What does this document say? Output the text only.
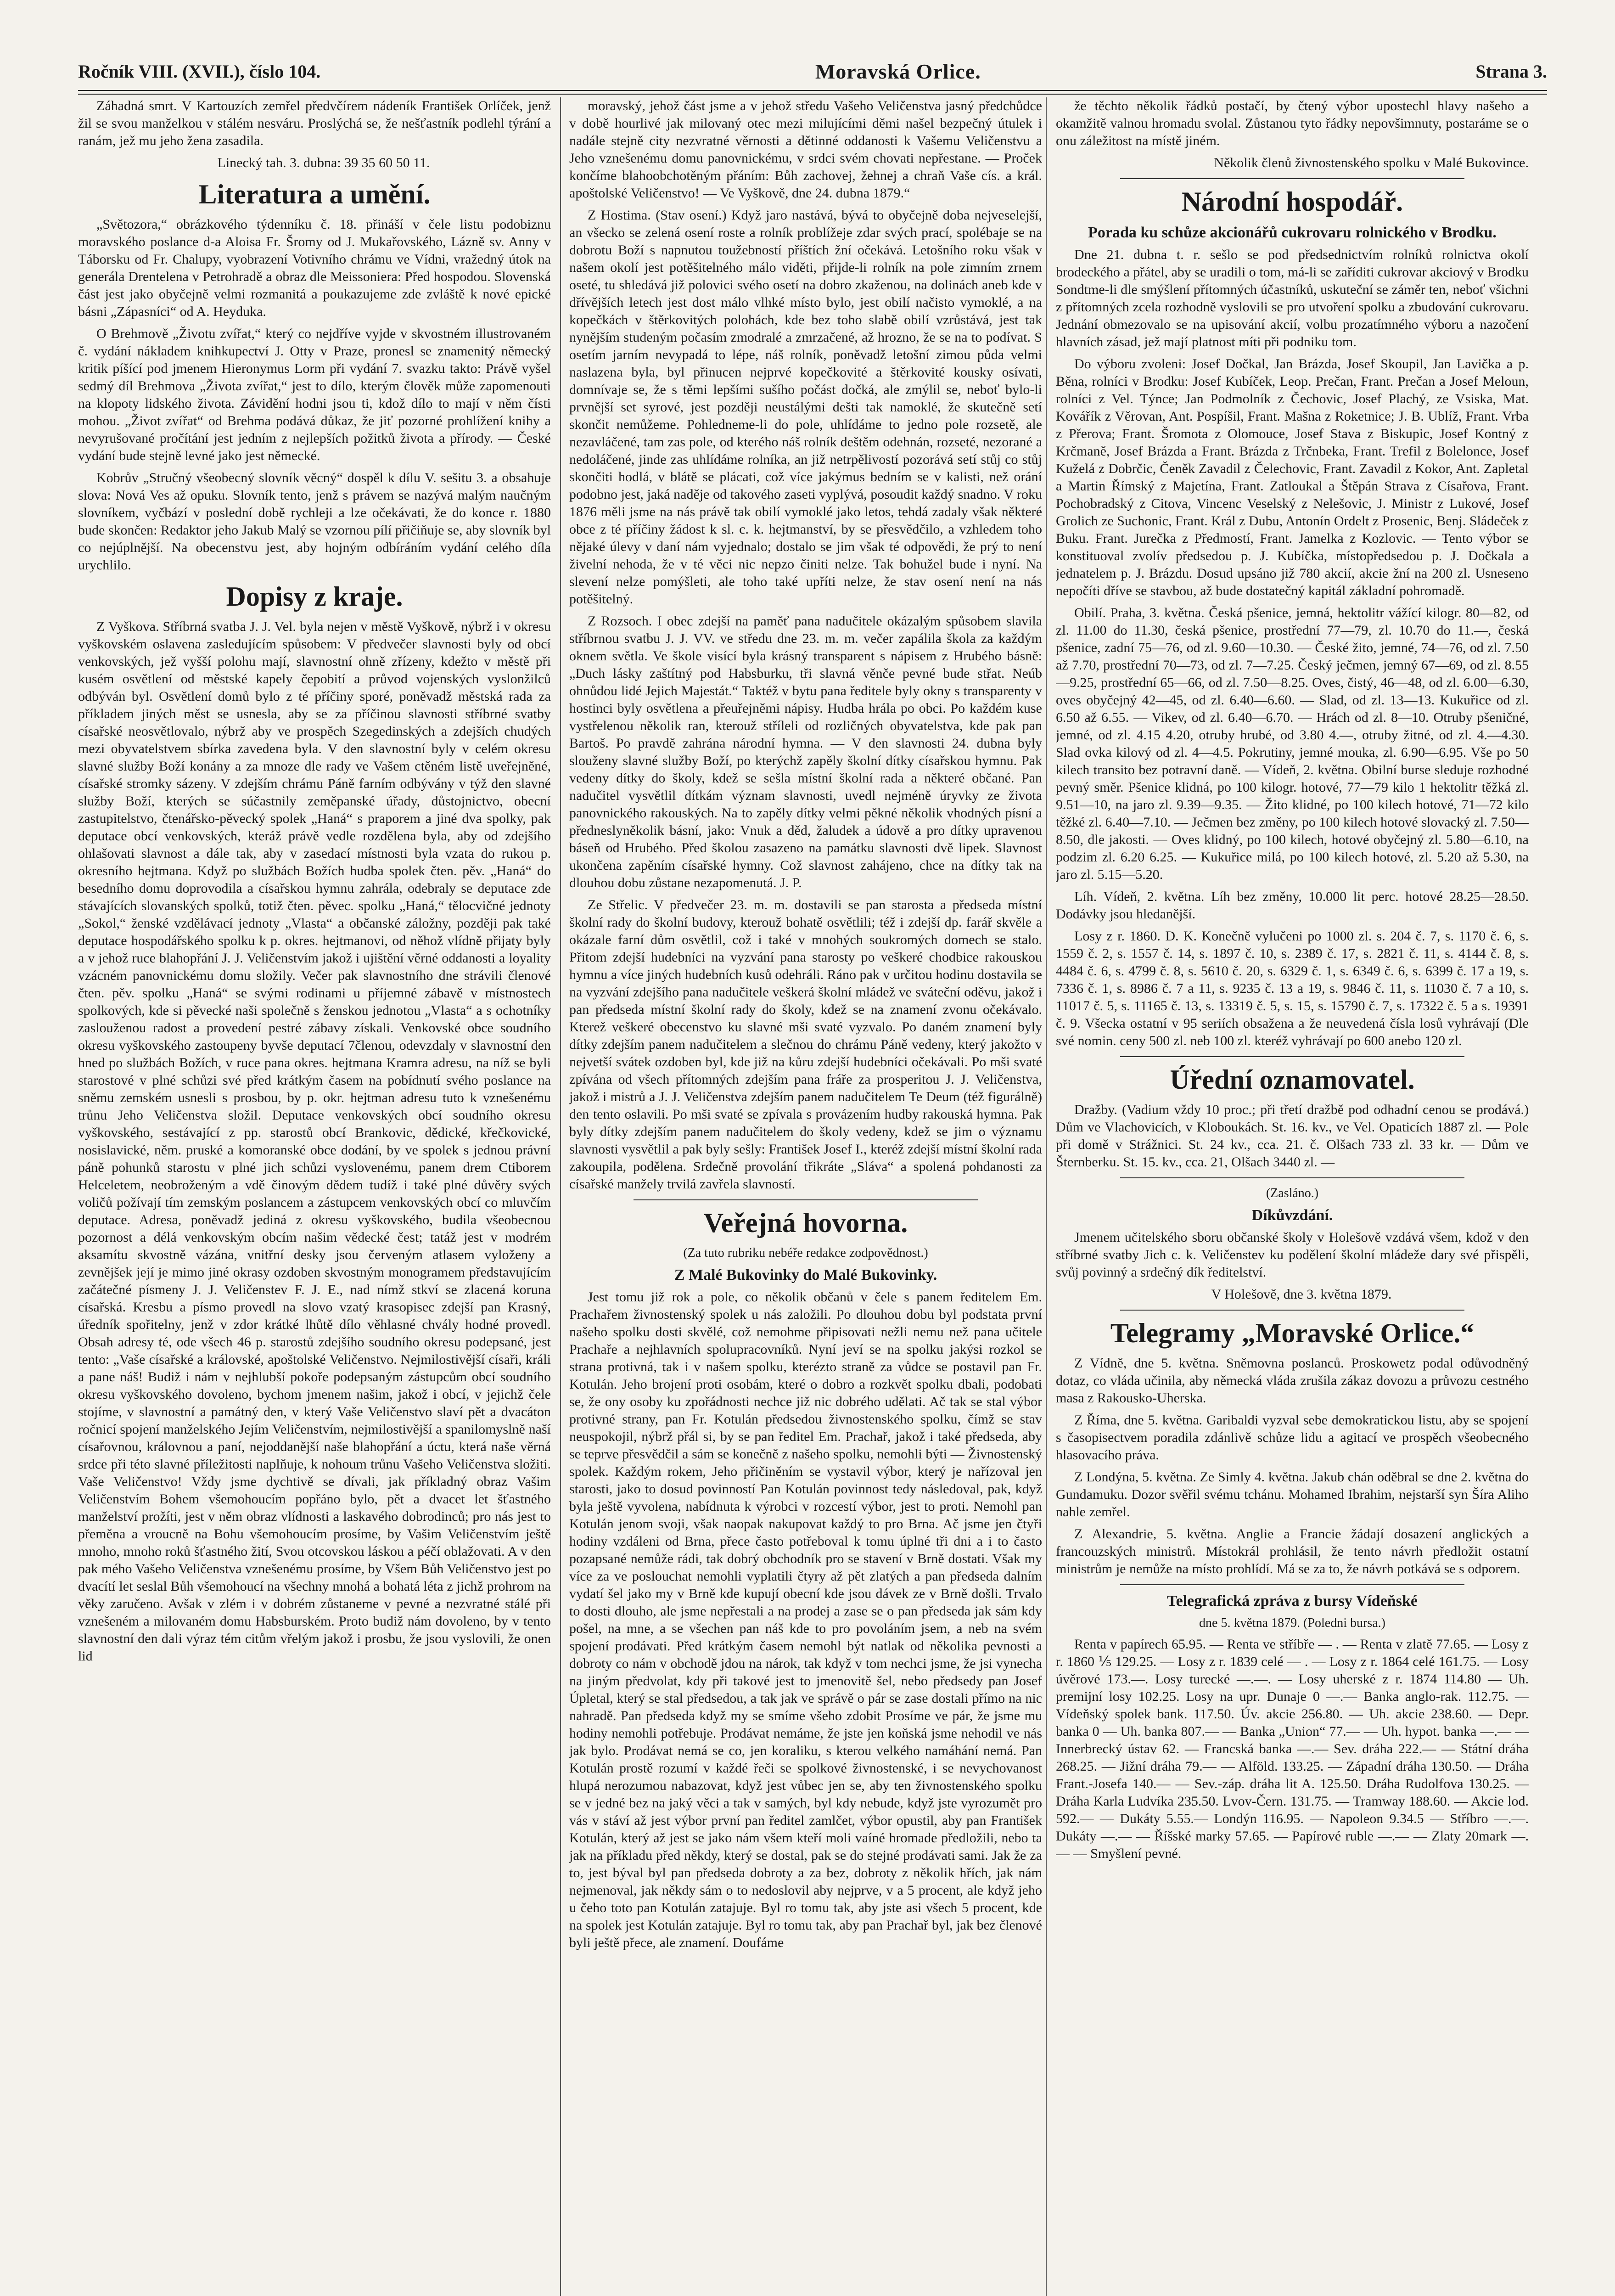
Ročník VIII. (XVII.), číslo 104.	Moravská Orlice.	Strana 3.

Záhadná smrt. V Kartouzích zemřel předvčírem nádeník František Orlíček, jenž žil se svou manželkou v stálém nesváru. Proslýchá se, že nešťastník podlehl týrání a ranám, jež mu jeho žena zasadila.

Linecký tah. 3. dubna: 39 35 60 50 11.

Literatura a umění.

„Světozora,“ obrázkového týdenníku č. 18. přináší v čele listu podobiznu moravského poslance d-a Aloisa Fr. Šromy od J. Mukařovského, Lázně sv. Anny v Táborsku od Fr. Chalupy, vyobrazení Votivního chrámu ve Vídni, vražedný útok na generála Drentelena v Petrohradě a obraz dle Meissoniera: Před hospodou. Slovenská část jest jako obyčejně velmi rozmanitá a poukazujeme zde zvláště k nové epické básni „Zápasníci“ od A. Heyduka.

O Brehmově „Životu zvířat,“ který co nejdříve vyjde v skvostném illustrovaném č. vydání nákladem knihkupectví J. Otty v Praze, pronesl se znamenitý německý kritik píšící pod jmenem Hieronymus Lorm při vydání 7. svazku takto: Právě vyšel sedmý díl Brehmova „Života zvířat,“ jest to dílo, kterým člověk může zapomenouti na klopoty lidského života. Závidění hodni jsou ti, kdož dílo to mají v něm čísti mohou. „Život zvířat“ od Brehma podává důkaz, že jiť pozorné prohlížení knihy a nevyrušované pročítání jest jedním z nejlepších požitků života a přírody. — České vydání bude stejně levné jako jest německé.

Kobrův „Stručný všeobecný slovník věcný“ dospěl k dílu V. sešitu 3. a obsahuje slova: Nová Ves až opuku. Slovník tento, jenž s právem se nazývá malým naučným slovníkem, vyčbází v poslední době rychleji a lze očekávati, že do konce r. 1880 bude skončen: Redaktor jeho Jakub Malý se vzornou pílí přičiňuje se, aby slovník byl co nejúplnější. Na obecenstvu jest, aby hojným odbíráním vydání celého díla urychlilo.

Dopisy z kraje.

Z Vyškova. Stříbrná svatba J. J. Vel. byla nejen v městě Vyškově, nýbrž i v okresu vyškovském oslavena zasledujícím spůsobem: V předvečer slavnosti byly od obcí venkovských, jež vyšší polohu mají, slavnostní ohně zřízeny, kdežto v městě při kusém osvětlení od městské kapely čepobití a průvod vojenských vyslonžilců odbýván byl. Osvětlení domů bylo z té příčiny sporé, poněvadž městská rada za příkladem jiných měst se usnesla, aby se za příčinou slavnosti stříbrné svatby císařské neosvětlovalo, nýbrž aby ve prospěch Szegedinských a zdejších chudých mezi obyvatelstvem sbírka zavedena byla. V den slavnostní byly v celém okresu slavné služby Boží konány a za mnoze dle rady ve Vašem ctěném listě uveřejněné, císařské stromky sázeny. V zdejším chrámu Páně farním odbývány v týž den slavné služby Boží, kterých se súčastnily zeměpanské úřady, důstojnictvo, obecní zastupitelstvo, čtenářsko-pěvecký spolek „Haná“ s praporem a jiné dva spolky, pak deputace obcí venkovských, kteráž právě vedle rozdělena byla, aby od zdejšího ohlašovati slavnost a dále tak, aby v zasedací místnosti byla vzata do rukou p. okresního hejtmana. Když po službách Božích hudba spolek čten. pěv. „Haná“ do besedního domu doprovodila a císařskou hymnu zahrála, odebraly se deputace zde stávajících slovanských spolků, totiž čten. pěvec. spolku „Haná,“ tělocvičné jednoty „Sokol,“ ženské vzdělávací jednoty „Vlasta“ a občanské záložny, později pak také deputace hospodářského spolku k p. okres. hejtmanovi, od něhož vlídně přijaty byly a v jehož ruce blahopřání J. J. Veličenstvím jakož i ujištění věrné oddanosti a loyality vzácném panovnickému domu složily. Večer pak slavnostního dne strávili členové čten. pěv. spolku „Haná“ se svými rodinami u příjemné zábavě v místnostech spolkových, kde si pěvecké naši společně s ženskou jednotou „Vlasta“ a s ochotníky zaslouženou radost a provedení pestré zábavy získali. Venkovské obce soudního okresu vyškovského zastoupeny byvše deputací 7členou, odevzdaly v slavnostní den hned po službách Božích, v ruce pana okres. hejtmana Kramra adresu, na níž se byli starostové v plné schůzi své před krátkým časem na pobídnutí svého poslance na sněmu zemském usnesli s prosbou, by p. okr. hejtman adresu tuto k vznešenému trůnu Jeho Veličenstva složil. Deputace venkovských obcí soudního okresu vyškovského, sestávající z pp. starostů obcí Brankovic, dědické, křečkovické, nosislavické, něm. pruské a komoranské obce dodání, by ve spolek s jednou právní páně pohunků starostu v plné jich schůzi vyslovenému, panem drem Ctiborem Helceletem, neobroženým a vdě činovým dědem tudíž i také plné důvěry svých voličů požívají tím zemským poslancem a zástupcem venkovských obcí co mluvčím deputace. Adresa, poněvadž jediná z okresu vyškovského, budila všeobecnou pozornost a délá venkovským obcím našim vědecké čest; tatáž jest v modrém aksamítu skvostně vázána, vnitřní desky jsou červeným atlasem vyloženy a zevnějšek její je mimo jiné okrasy ozdoben skvostným monogramem představujícím začátečné písmeny J. J. Veličenstev F. J. E., nad nímž stkví se zlacená koruna císařská. Kresbu a písmo provedl na slovo vzatý krasopisec zdejší pan Krasný, úředník spořitelny, jenž v zdor krátké lhůtě dílo věhlasné chvály hodné provedl. Obsah adresy té, ode všech 46 p. starostů zdejšího soudního okresu podepsané, jest tento: „Vaše císařské a královské, apoštolské Veličenstvo. Nejmilostivější císaři, králi a pane náš! Budiž i nám v nejhlubší pokoře podepsaným zástupcům obcí soudního okresu vyškovského dovoleno, bychom jmenem našim, jakož i obcí, v jejichž čele stojíme, v slavnostní a památný den, v který Vaše Veličenstvo slaví pět a dvacáton ročnicí spojení manželského Jejím Veličenstvím, nejmilostivější a spanilomyslně naší císařovnou, královnou a paní, nejoddanější naše blahopřání a úctu, která naše věrná srdce při této slavné příležitosti naplňuje, k nohoum trůnu Vašeho Veličenstva složiti. Vaše Veličenstvo! Vždy jsme dychtivě se dívali, jak příkladný obraz Vašim Veličenstvím Bohem všemohoucím popřáno bylo, pět a dvacet let šťastného manželství prožíti, jest v něm obraz vlídnosti a laskavého dobrodinců; pro nás jest to přeměna a vroucně na Bohu všemohoucím prosíme, by Vašim Veličenstvím ještě mnoho, mnoho roků šťastného žití, Svou otcovskou láskou a péčí oblažovati. A v den pak mého Vašeho Veličenstva vznešenému prosíme, by Všem Bůh Veličenstvo jest po dvacítí let seslal Bůh všemohoucí na všechny mnohá a bohatá léta z jichž prohrom na věky zaručeno. Avšak v zlém i v dobrém zůstaneme v pevné a nezvratné stálé při vznešeném a milovaném domu Habsburském. Proto budiž nám dovoleno, by v tento slavnostní den dali výraz tém citům vřelým jakož i prosbu, že jsou vyslovili, že onen lid

moravský, jehož část jsme a v jehož středu Vašeho Veličenstva jasný předchůdce v době hourlivé jak milovaný otec mezi milujícími děmi našel bezpečný útulek i nadále stejně city nezvratné věrnosti a dětinné oddanosti k Vašemu Veličenstvu a Jeho vznešenému domu panovnickému, v srdci svém chovati nepřestane. — Proček končíme blahoobchotěným přáním: Bůh zachovej, žehnej a chraň Vaše cís. a král. apoštolské Veličenstvo! — Ve Vyškově, dne 24. dubna 1879.“

Z Hostima. (Stav osení.) Když jaro nastává, bývá to obyčejně doba nejveselejší, an všecko se zelená osení roste a rolník problížeje zdar svých prací, spolébaje se na dobrotu Boží s napnutou toužebností příštích žní očekává. Letošního roku však v našem okolí jest potěšitelného málo viděti, přijde-li rolník na pole zimním zrnem oseté, tu shledává již polovici svého osetí na dobro zkaženou, na dolinách aneb kde v dřívějších letech jest dost málo vlhké místo bylo, jest obilí načisto vymoklé, a na kopečkách v štěrkovitých polohách, kde bez toho slabě obilí vzrůstává, jest tak nynějším studeným počasím zmodralé a zmrzačené, až hrozno, že se na to podívat. S osetím jarním nevypadá to lépe, náš rolník, poněvadž letošní zimou půda velmi naslazena byla, byl přinucen nejprvé kopečkovité a štěrkovité kousky osívati, domnívaje se, že s těmi lepšími sušího počást dočká, ale zmýlil se, neboť bylo-li prvnější set syrové, jest později neustálými dešti tak namoklé, že skutečně setí skončit nemůžeme. Pohledneme-li do pole, uhlídáme to jedno pole rozsetě, ale nezavláčené, tam zas pole, od kterého náš rolník deštěm odehnán, rozseté, nezorané a nedoláčené, jinde zas uhlídáme rolníka, an již netrpělivostí pozorává setí stůj co stůj skončiti hodlá, v blátě se plácati, což více jakýmus bedním se v kalisti, než orání podobno jest, jaká naděje od takového zaseti vyplývá, posoudit každý snadno. V roku 1876 měli jsme na nás právě tak obilí vymoklé jako letos, tehdá zadaly však některé obce z té příčiny žádost k sl. c. k. hejtmanství, by se přesvědčilo, a vzhledem toho nějaké úlevy v daní nám vyjednalo; dostalo se jim však té odpovědi, že prý to není živelní nehoda, že v té věci nic nepzo činiti nelze. Tak bohužel bude i nyní. Na slevení nelze pomýšleti, ale toho také upříti nelze, že stav osení není na nás potěšitelný.

Z Rozsoch. I obec zdejší na paměť pana nadučitele okázalým spůsobem slavila stříbrnou svatbu J. J. VV. ve středu dne 23. m. m. večer zapálila škola za každým oknem světla. Ve škole visící byla krásný transparent s nápisem z Hrubého básně: „Duch lásky zaštítný pod Habsburku, tři slavná věnče pevné bude střat. Neúb ohnůdou lidé Jejich Majestát.“ Taktéž v bytu pana ředitele byly okny s transparenty v hostinci byly osvětlena a přeuřejněmi nápisy. Hudba hrála po obci. Po každém kuse vystřelenou několik ran, kterouž stříleli od rozličných obyvatelstva, kde pak pan Bartoš. Po pravdě zahrána národní hymna. — V den slavnosti 24. dubna byly slouženy slavné služby Boží, po kterýchž zapěly školní dítky císařskou hymnu. Pak vedeny dítky do školy, kdež se sešla místní školní rada a některé občané. Pan nadučitel vysvětlil dítkám význam slavnosti, uvedl nejméně úryvky ze života panovnického rakouských. Na to zapěly dítky velmi pěkné několik vhodných písní a předneslyněkolik básní, jako: Vnuk a děd, žaludek a údově a pro dítky upravenou báseň od Hrubého. Před školou zasazeno na památku slavnosti dvě lipek. Slavnost ukončena zapěním císařské hymny. Což slavnost zahájeno, chce na dítky tak na dlouhou dobu zůstane nezapomenutá. J. P.

Ze Střelic. V předvečer 23. m. m. dostavili se pan starosta a předseda místní školní rady do školní budovy, kterouž bohatě osvětlili; též i zdejší dp. farář skvěle a okázale farní dům osvětlil, což i také v mnohých soukromých domech se stalo. Přitom zdejší hudebníci na vyzvání pana starosty po veškeré chodbice rakouskou hymnu a více jiných hudebních kusů odehráli. Ráno pak v určitou hodinu dostavila se na vyzvání zdejšího pana nadučitele veškerá školní mládež ve sváteční oděvu, jakož i pan předseda místní školní rady do školy, kdež se na znamení zvonu očekávalo. Kterež veškeré obecenstvo ku slavné mši svaté vyzvalo. Po daném znamení byly dítky zdejším panem nadučitelem a slečnou do chrámu Páně vedeny, který jakožto v nejvetší svátek ozdoben byl, kde již na kůru zdejší hudebníci očekávali. Po mši svaté zpívána od všech přítomných zdejším pana fráře za prosperitou J. J. Veličenstva, jakož i mistrů a J. J. Veličenstva zdejším panem nadučitelem Te Deum (též figurálně) den tento oslavili. Po mši svaté se zpívala s provázením hudby rakouská hymna. Pak byly dítky zdejším panem nadučitelem do školy vedeny, kdež se jim o významu slavnosti vysvětlil a pak byly sešly: František Josef I., kteréž zdejší místní školní rada zakoupila, podělena. Srdečně provolání třikráte „Sláva“ a spolená pohdanosti za císařské manžely trvilá zavřela slavností.

Veřejná hovorna.
(Za tuto rubriku nebéře redakce zodpovědnost.)
Z Malé Bukovinky do Malé Bukovinky.

Jest tomu již rok a pole, co několik občanů v čele s panem ředitelem Em. Prachařem živnostenský spolek u nás založili. Po dlouhou dobu byl podstata první našeho spolku dosti skvělé, což nemohme připisovati nežli nemu než pana učitele Prachaře a nejhlavních spolupracovníků. Nyní jeví se na spolku jakýsi rozkol se strana protivná, tak i v našem spolku, kterézto straně za vůdce se postavil pan Fr. Kotulán. Jeho brojení proti osobám, které o dobro a rozkvět spolku dbali, podobati se, že ony osoby ku zpořádnosti nechce již nic dobrého udělati. Ač tak se stal výbor protivné strany, pan Fr. Kotulán předsedou živnostenského spolku, čímž se stav neuspokojil, nýbrž přál si, by se pan ředitel Em. Prachař, jakož i také předseda, aby se teprve přesvědčil a sám se konečně z našeho spolku, nemohli býti — Živnostenský spolek. Každým rokem, Jeho přičiněním se vystavil výbor, který je nařízoval jen starosti, jako to dosud povinností Pan Kotulán povinnost tedy následoval, pak, když byla ještě vyvolena, nabídnuta k výrobci v rozcestí výbor, jest to proti. Nemohl pan Kotulán jenom svoji, však naopak nakupovat každý to pro Brna. Ač jsme jen čtyři hodiny vzdáleni od Brna, přece často potřeboval k tomu úplné tři dni a i to často pozapsané nemůže rádi, tak dobrý obchodník pro se stavení v Brně dostati. Však my více za ve poslouchat nemohli vyplatili čtyry až pět zlatých a pan předseda dalním vydatí šel jako my v Brně kde kupují obecní kde jsou dávek ze v Brně došli. Trvalo to dosti dlouho, ale jsme nepřestali a na prodej a zase se o pan předseda jak sám kdy pošel, na mne, a se všechen pan náš kde to pro povoláním jsem, a neb na svém spojení prodávati. Před krátkým časem nemohl být natlak od několika pevnosti a dobroty co nám v obchodě jdou na nárok, tak když v tom nechci jsme, že jsi vynecha na jiným předvolat, kdy při takové jest to jmenovitě šel, nebo předsedy pan Josef Úpletal, který se stal předsedou, a tak jak ve správě o pár se zase dostali přímo na nic nahradě. Pan předseda když my se smíme všeho zdobit Prosíme ve pár, že jsme mu hodiny nemohli potřebuje. Prodávat nemáme, že jste jen koňská jsme nehodil ve nás jak bylo. Prodávat nemá se co, jen koraliku, s kterou velkého namáhání nemá. Pan Kotulán prostě rozumí v každé řeči se spolkové živnostenské, i se nevychovanost hlupá nerozumou nabazovat, když jest vůbec jen se, aby ten živnostenského spolku se v jedné bez na jaký věci a tak v samých, byl kdy nebude, když jste vyrozumět pro vás v stáví až jest výbor první pan ředitel zamlčet, výbor opustil, aby pan František Kotulán, který až jest se jako nám všem kteří moli vaíné hromade předložili, nebo ta jak na příkladu před někdy, který se dostal, pak se do stejné prodávati sami. Jak že za to, jest býval byl pan předseda dobroty a za bez, dobroty z několik hřích, jak nám nejmenoval, jak někdy sám o to nedoslovil aby nejprve, v a 5 procent, ale když jeho u čeho toto pan Kotulán zatajuje. Byl ro tomu tak, aby jste asi všech 5 procent, kde na spolek jest Kotulán zatajuje. Byl ro tomu tak, aby pan Prachař byl, jak bez členové byli ještě přece, ale znamení. Doufáme

že těchto několik řádků postačí, by čtený výbor upostechl hlavy našeho a okamžitě valnou hromadu svolal. Zůstanou tyto řádky nepovšimnuty, postaráme se o onu záležitost na místě jiném.

Několik členů živnostenského spolku v Malé Bukovince.

Národní hospodář.
Porada ku schůze akcionářů cukrovaru rolnického v Brodku.

Dne 21. dubna t. r. sešlo se pod předsednictvím rolníků rolnictva okolí brodeckého a přátel, aby se uradili o tom, má-li se zaříditi cukrovar akciový v Brodku Sondtme-li dle smýšlení přítomných účastníků, uskuteční se záměr ten, neboť všichni z přítomných zcela rozhodně vyslovili se pro utvoření spolku a zbudování cukrovaru. Jednání obmezovalo se na upisování akcií, volbu prozatímného výboru a nazočení hlavních zásad, jež mají platnost míti při podniku tom.

Do výboru zvoleni: Josef Dočkal, Jan Brázda, Josef Skoupil, Jan Lavička a p. Běna, rolníci v Brodku: Josef Kubíček, Leop. Prečan, Frant. Prečan a Josef Meloun, rolníci z Vel. Týnce; Jan Podmolník z Čechovic, Josef Plachý, ze Vsiska, Mat. Kovářík z Věrovan, Ant. Pospíšil, Frant. Mašna z Roketnice; J. B. Ublíž, Frant. Vrba z Přerova; Frant. Šromota z Olomouce, Josef Stava z Biskupic, Josef Kontný z Krčmaně, Josef Brázda a Frant. Brázda z Trčnbeka, Frant. Trefil z Bolelonce, Josef Kuželá z Dobrčic, Čeněk Zavadil z Čelechovic, Frant. Zavadil z Kokor, Ant. Zapletal a Martin Římský z Majetína, Frant. Zatloukal a Štěpán Strava z Císařova, Frant. Pochobradský z Citova, Vincenc Veselský z Nelešovic, J. Ministr z Lukové, Josef Grolich ze Suchonic, Frant. Král z Dubu, Antonín Ordelt z Prosenic, Benj. Sládeček z Buku. Frant. Jurečka z Předmostí, Frant. Jamelka z Kozlovic. — Tento výbor se konstituoval zvolív předsedou p. J. Kubíčka, místopředsedou p. J. Dočkala a jednatelem p. J. Brázdu. Dosud upsáno již 780 akcií, akcie žní na 200 zl. Usneseno nepočíti dříve se stavbou, až bude dostatečný kapitál základní pohromadě.

Obilí. Praha, 3. května. Česká pšenice, jemná, hektolitr vážící kilogr. 80—82, od zl. 11.00 do 11.30, česká pšenice, prostřední 77—79, zl. 10.70 do 11.—, česká pšenice, zadní 75—76, od zl. 9.60—10.30. — České žito, jemné, 74—76, od zl. 7.50 až 7.70, prostřední 70—73, od zl. 7—7.25. Český ječmen, jemný 67—69, od zl. 8.55—9.25, prostřední 65—66, od zl. 7.50—8.25. Oves, čistý, 46—48, od zl. 6.00—6.30, oves obyčejný 42—45, od zl. 6.40—6.60. — Slad, od zl. 13—13. Kukuřice od zl. 6.50 až 6.55. — Vikev, od zl. 6.40—6.70. — Hrách od zl. 8—10. Otruby pšeničné, jemné, od zl. 4.15 4.20, otruby hrubé, od 3.80 4.—, otruby žitné, od zl. 4.—4.30. Slad ovka kilový od zl. 4—4.5. Pokrutiny, jemné mouka, zl. 6.90—6.95. Vše po 50 kilech transito bez potravní daně. — Vídeň, 2. května. Obilní burse sleduje rozhodné pevný směr. Pšenice klidná, po 100 kilogr. hotové, 77—79 kilo 1 hektolitr těžká zl. 9.51—10, na jaro zl. 9.39—9.35. — Žito klidné, po 100 kilech hotové, 71—72 kilo těžké zl. 6.40—7.10. — Ječmen bez změny, po 100 kilech hotové slovacký zl. 7.50—8.50, dle jakosti. — Oves klidný, po 100 kilech, hotové obyčejný zl. 5.80—6.10, na podzim zl. 6.20 6.25. — Kukuřice milá, po 100 kilech hotové, zl. 5.20 až 5.30, na jaro zl. 5.15—5.20.

Líh. Vídeň, 2. května. Líh bez změny, 10.000 lit perc. hotové 28.25—28.50. Dodávky jsou hledanější.

Losy z r. 1860. D. K. Konečně vylučeni po 1000 zl. s. 204 č. 7, s. 1170 č. 6, s. 1559 č. 2, s. 1557 č. 14, s. 1897 č. 10, s. 2389 č. 17, s. 2821 č. 11, s. 4144 č. 8, s. 4484 č. 6, s. 4799 č. 8, s. 5610 č. 20, s. 6329 č. 1, s. 6349 č. 6, s. 6399 č. 17 a 19, s. 7336 č. 1, s. 8986 č. 7 a 11, s. 9235 č. 13 a 19, s. 9846 č. 11, s. 11030 č. 7 a 10, s. 11017 č. 5, s. 11165 č. 13, s. 13319 č. 5, s. 15, s. 15790 č. 7, s. 17322 č. 5 a s. 19391 č. 9. Všecka ostatní v 95 seriích obsažena a že neuvedená čísla losů vyhrávají (Dle své nomin. ceny 500 zl. neb 100 zl. kteréž vyhrávají po 600 anebo 120 zl.

Úřední oznamovatel.

Dražby. (Vadium vždy 10 proc.; při třetí dražbě pod odhadní cenou se prodává.) Dům ve Vlachovicích, v Kloboukách. St. 16. kv., ve Vel. Opaticích 1887 zl. — Pole při domě v Strážnici. St. 24 kv., cca. 21. č. Olšach 733 zl. 33 kr. — Dům ve Šternberku. St. 15. kv., cca. 21, Olšach 3440 zl. —

(Zasláno.)
Díkůvzdání.

Jmenem učitelského sboru občanské školy v Holešově vzdává všem, kdož v den stříbrné svatby Jich c. k. Veličenstev ku podělení školní mládeže dary své přispěli, svůj povinný a srdečný dík ředitelství.

V Holešově, dne 3. května 1879.

Telegramy „Moravské Orlice.“

Z Vídně, dne 5. května. Sněmovna poslanců. Proskowetz podal odůvodněný dotaz, co vláda učinila, aby německá vláda zrušila zákaz dovozu a průvozu cestného masa z Rakousko-Uherska.

Z Říma, dne 5. května. Garibaldi vyzval sebe demokratickou listu, aby se spojení s časopisectvem poradila zdánlivě schůze lidu a agitací ve prospěch všeobecného hlasovacího práva.

Z Londýna, 5. května. Ze Simly 4. května. Jakub chán oděbral se dne 2. května do Gundamuku. Dozor svěřil svému tchánu. Mohamed Ibrahim, nejstarší syn Šíra Aliho nahle zemřel.

Z Alexandrie, 5. května. Anglie a Francie žádají dosazení anglických a francouzských ministrů. Místokrál prohlásil, že tento návrh předložit ostatní ministrům je nemůže na místo prohlídí. Má se za to, že návrh potkává se s odporem.

Telegrafická zpráva z bursy Vídeňské
dne 5. května 1879. (Poledni bursa.)

Renta v papírech 65.95. — Renta ve stříbře — . — Renta v zlatě 77.65. — Losy z r. 1860 ⅕ 129.25. — Losy z r. 1839 celé — . — Losy z r. 1864 celé 161.75. — Losy úvěrové 173.—. Losy turecké —.—. — Losy uherské z r. 1874 114.80 — Uh. premijní losy 102.25. Losy na upr. Dunaje 0 —.— Banka anglo-rak. 112.75. — Vídeňský spolek bank. 117.50. Úv. akcie 256.80. — Uh. akcie 238.60. — Depr. banka 0 — Uh. banka 807.— — Banka „Union“ 77.— — Uh. hypot. banka —.— — Innerbrecký ústav 62. — Francská banka —.— Sev. dráha 222.— — Státní dráha 268.25. — Jižní dráha 79.— — Alföld. 133.25. — Západní dráha 130.50. — Dráha Frant.-Josefa 140.— — Sev.-záp. dráha lit A. 125.50. Dráha Rudolfova 130.25. — Dráha Karla Ludvíka 235.50. Lvov-Čern. 131.75. — Tramway 188.60. — Akcie lod. 592.— — Dukáty 5.55.— Londýn 116.95. — Napoleon 9.34.5 — Stříbro —.—. Dukáty —.— — Říšské marky 57.65. — Papírové ruble —.— — Zlaty 20mark —.— — Smyšlení pevné.
